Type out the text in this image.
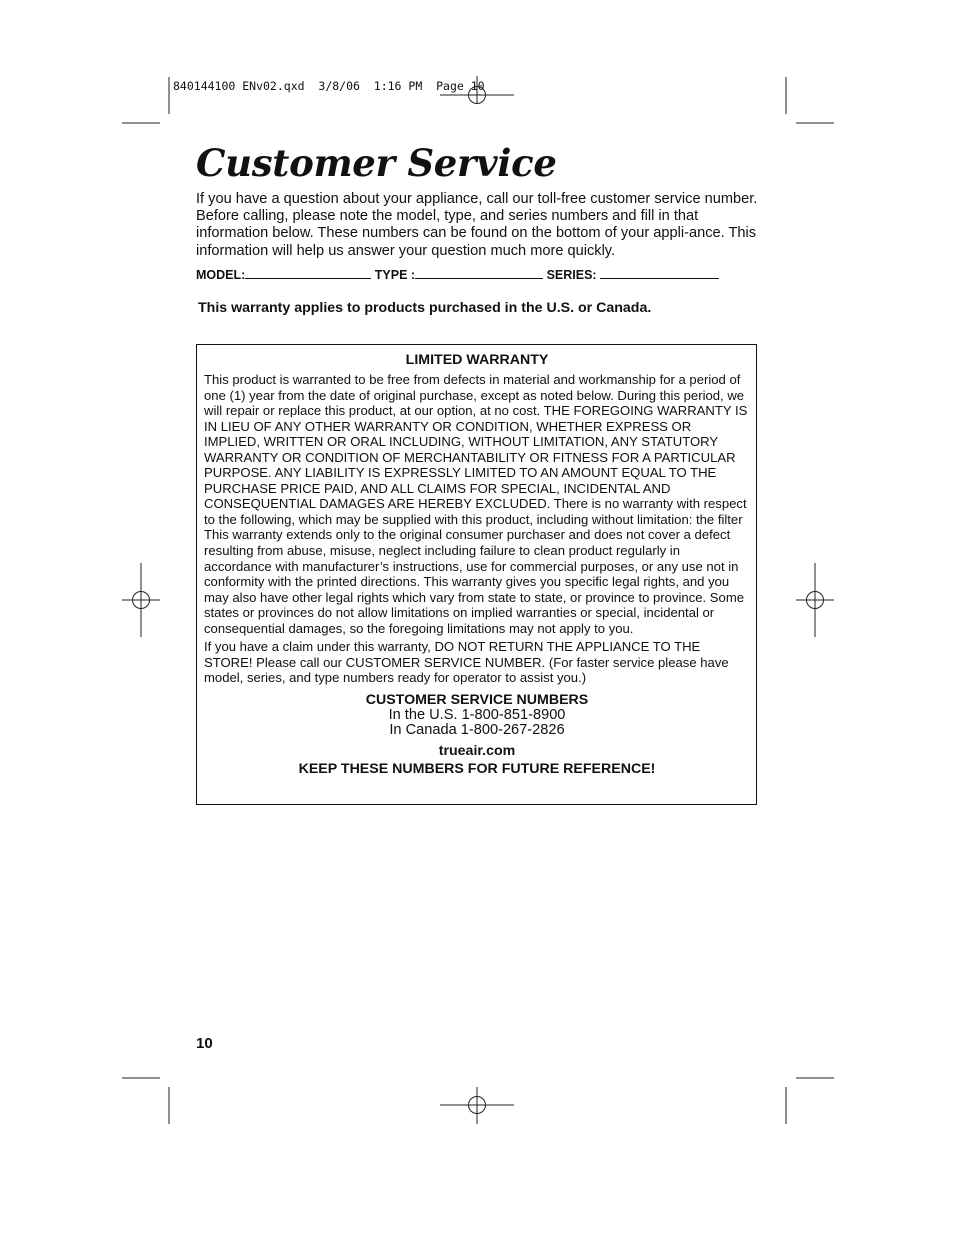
840144100 ENv02.qxd  3/8/06  1:16 PM  Page 10
Customer Service

If you have a question about your appliance, call our toll-free customer service number. Before calling, please note the model, type, and series numbers and fill in that information below. These numbers can be found on the bottom of your appli-ance. This information will help us answer your question much more quickly.

MODEL:	TYPE :	SERIES:

This warranty applies to products purchased in the U.S. or Canada.

LIMITED WARRANTY

This product is warranted to be free from defects in material and workmanship for a period of one (1) year from the date of original purchase, except as noted below. During this period, we will repair or replace this product, at our option, at no cost. THE FOREGOING WARRANTY IS IN LIEU OF ANY OTHER WARRANTY OR CONDITION, WHETHER EXPRESS OR IMPLIED, WRITTEN OR ORAL INCLUDING, WITHOUT LIMITATION, ANY STATUTORY WARRANTY OR CONDITION OF MERCHANTABILITY OR FITNESS FOR A PARTICULAR PURPOSE. ANY LIABILITY IS EXPRESSLY LIMITED TO AN AMOUNT EQUAL TO THE PURCHASE PRICE PAID, AND ALL CLAIMS FOR SPECIAL, INCIDENTAL AND CONSEQUENTIAL DAMAGES ARE HEREBY EXCLUDED. There is no warranty with respect to the following, which may be supplied with this product, including without limitation: the filter This warranty extends only to the original consumer purchaser and does not cover a defect resulting from abuse, misuse, neglect including failure to clean product regularly in accordance with manufacturer’s instructions, use for commercial purposes, or any use not in conformity with the printed directions. This warranty gives you specific legal rights, and you may also have other legal rights which vary from state to state, or province to province. Some states or provinces do not allow limitations on implied warranties or special, incidental or consequential damages, so the foregoing limitations may not apply to you.

If you have a claim under this warranty, DO NOT RETURN THE APPLIANCE TO THE STORE! Please call our CUSTOMER SERVICE NUMBER. (For faster service please have model, series, and type numbers ready for operator to assist you.)

CUSTOMER SERVICE NUMBERS

In the U.S. 1-800-851-8900

In Canada 1-800-267-2826

trueair.com

KEEP THESE NUMBERS FOR FUTURE REFERENCE!

10
